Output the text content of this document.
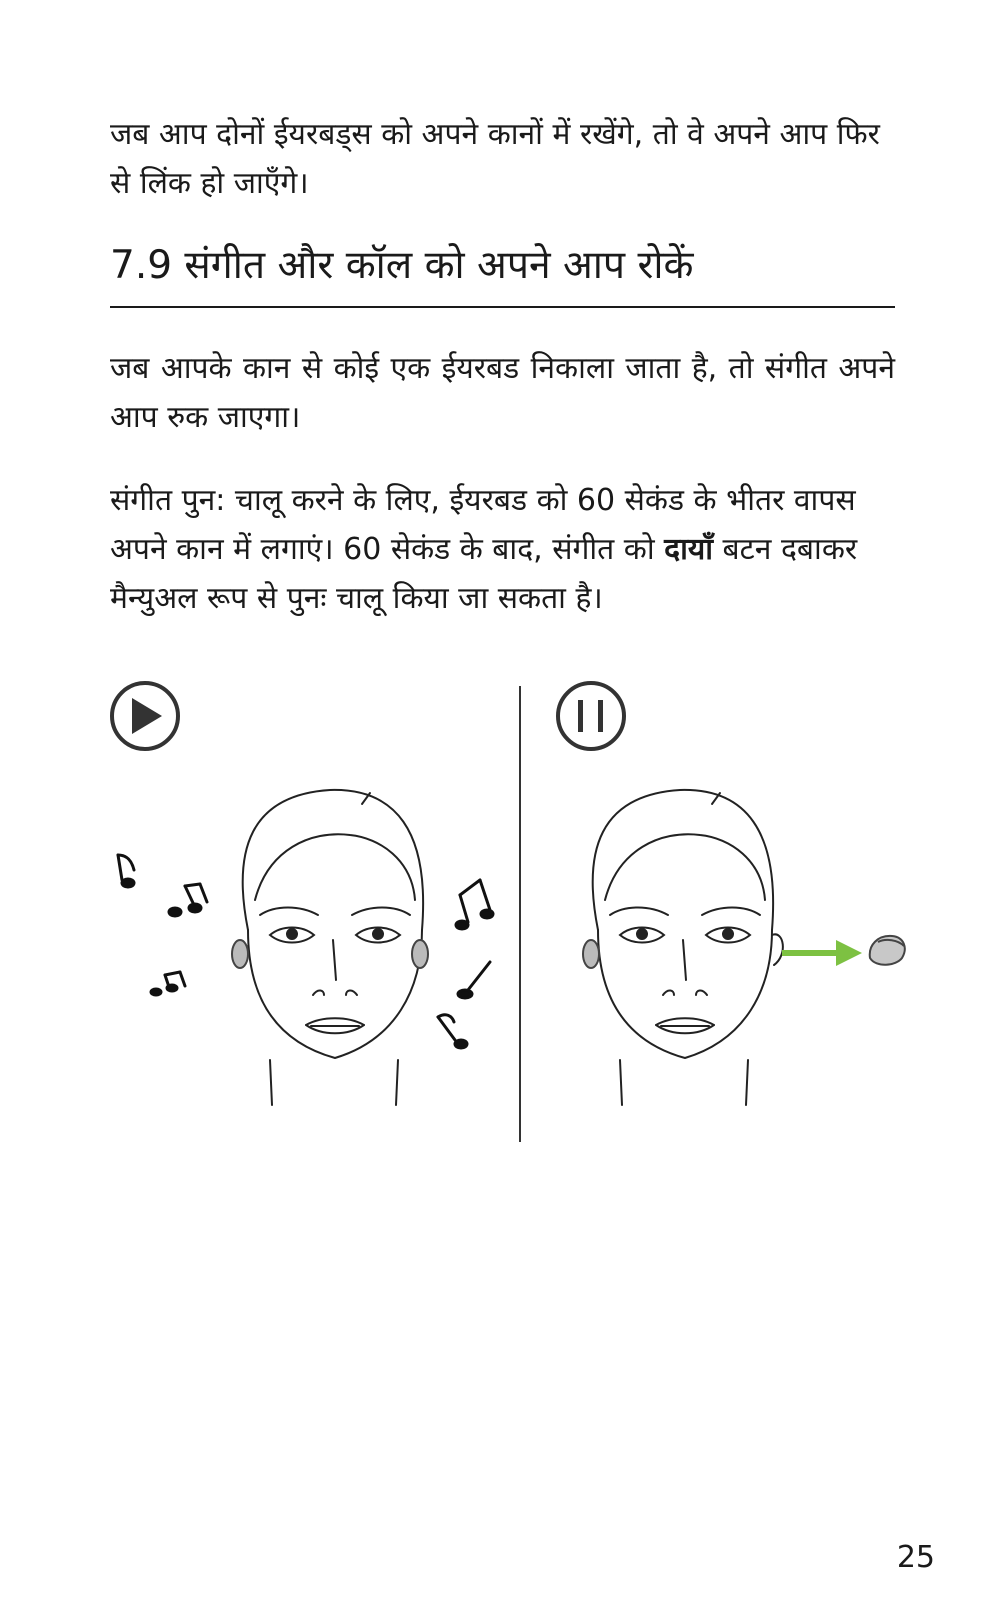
जब आप दोनों ईयरबड्स को अपने कानों में रखेंगे, तो वे अपने आप फिर से लिंक हो जाएँगे।

7.9 संगीत और कॉल को अपने आप रोकें

जब आपके कान से कोई एक ईयरबड निकाला जाता है, तो संगीत अपने आप रुक जाएगा।

संगीत पुन: चालू करने के लिए, ईयरबड को 60 सेकंड के भीतर वापस अपने कान में लगाएं। 60 सेकंड के बाद, संगीत को दायाँ बटन दबाकर मैन्युअल रूप से पुनः चालू किया जा सकता है।

25
